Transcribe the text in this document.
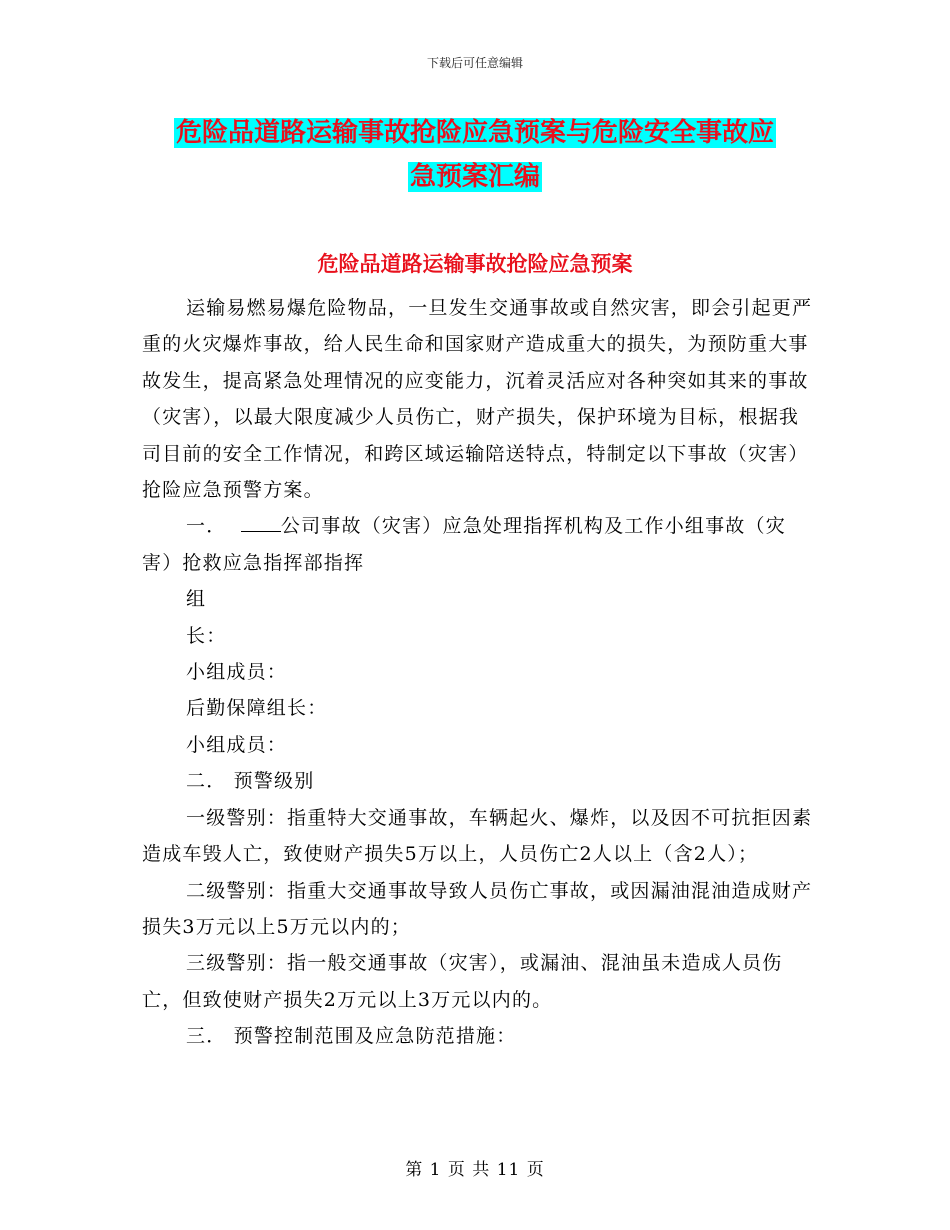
下载后可任意编辑
危险品道路运输事故抢险应急预案与危险安全事故应
急预案汇编
危险品道路运输事故抢险应急预案

运输易燃易爆危险物品，一旦发生交通事故或自然灾害，即会引起更严重的火灾爆炸事故，给人民生命和国家财产造成重大的损失，为预防重大事故发生，提高紧急处理情况的应变能力，沉着灵活应对各种突如其来的事故（灾害），以最大限度减少人员伤亡，财产损失，保护环境为目标，根据我司目前的安全工作情况，和跨区域运输陪送特点，特制定以下事故（灾害）抢险应急预警方案。

一．	公司事故（灾害）应急处理指挥机构及工作小组事故（灾害）抢救应急指挥部指挥

组

长：

小组成员：

后勤保障组长：

小组成员：

二． 预警级别

一级警别：指重特大交通事故，车辆起火、爆炸，以及因不可抗拒因素造成车毁人亡，致使财产损失5万以上，人员伤亡2人以上（含2人）；

二级警别：指重大交通事故导致人员伤亡事故，或因漏油混油造成财产损失3万元以上5万元以内的；

三级警别：指一般交通事故（灾害），或漏油、混油虽未造成人员伤亡，但致使财产损失2万元以上3万元以内的。

三． 预警控制范围及应急防范措施：

第 1 页 共 11 页
